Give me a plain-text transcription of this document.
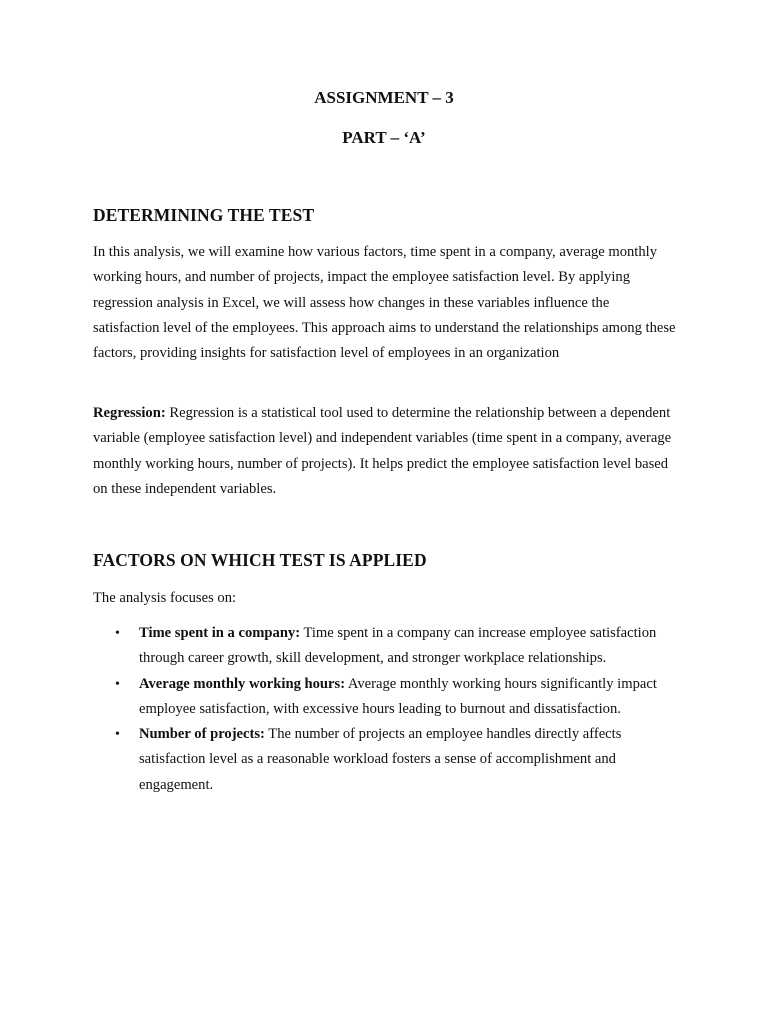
ASSIGNMENT – 3
PART – ‘A’
DETERMINING THE TEST

In this analysis, we will examine how various factors, time spent in a company, average monthly working hours, and number of projects, impact the employee satisfaction level. By applying regression analysis in Excel, we will assess how changes in these variables influence the satisfaction level of the employees. This approach aims to understand the relationships among these factors, providing insights for satisfaction level of employees in an organization

Regression: Regression is a statistical tool used to determine the relationship between a dependent variable (employee satisfaction level) and independent variables (time spent in a company, average monthly working hours, number of projects). It helps predict the employee satisfaction level based on these independent variables.

FACTORS ON WHICH TEST IS APPLIED

The analysis focuses on:

• Time spent in a company: Time spent in a company can increase employee satisfaction through career growth, skill development, and stronger workplace relationships.
• Average monthly working hours: Average monthly working hours significantly impact employee satisfaction, with excessive hours leading to burnout and dissatisfaction.
• Number of projects: The number of projects an employee handles directly affects satisfaction level as a reasonable workload fosters a sense of accomplishment and engagement.
